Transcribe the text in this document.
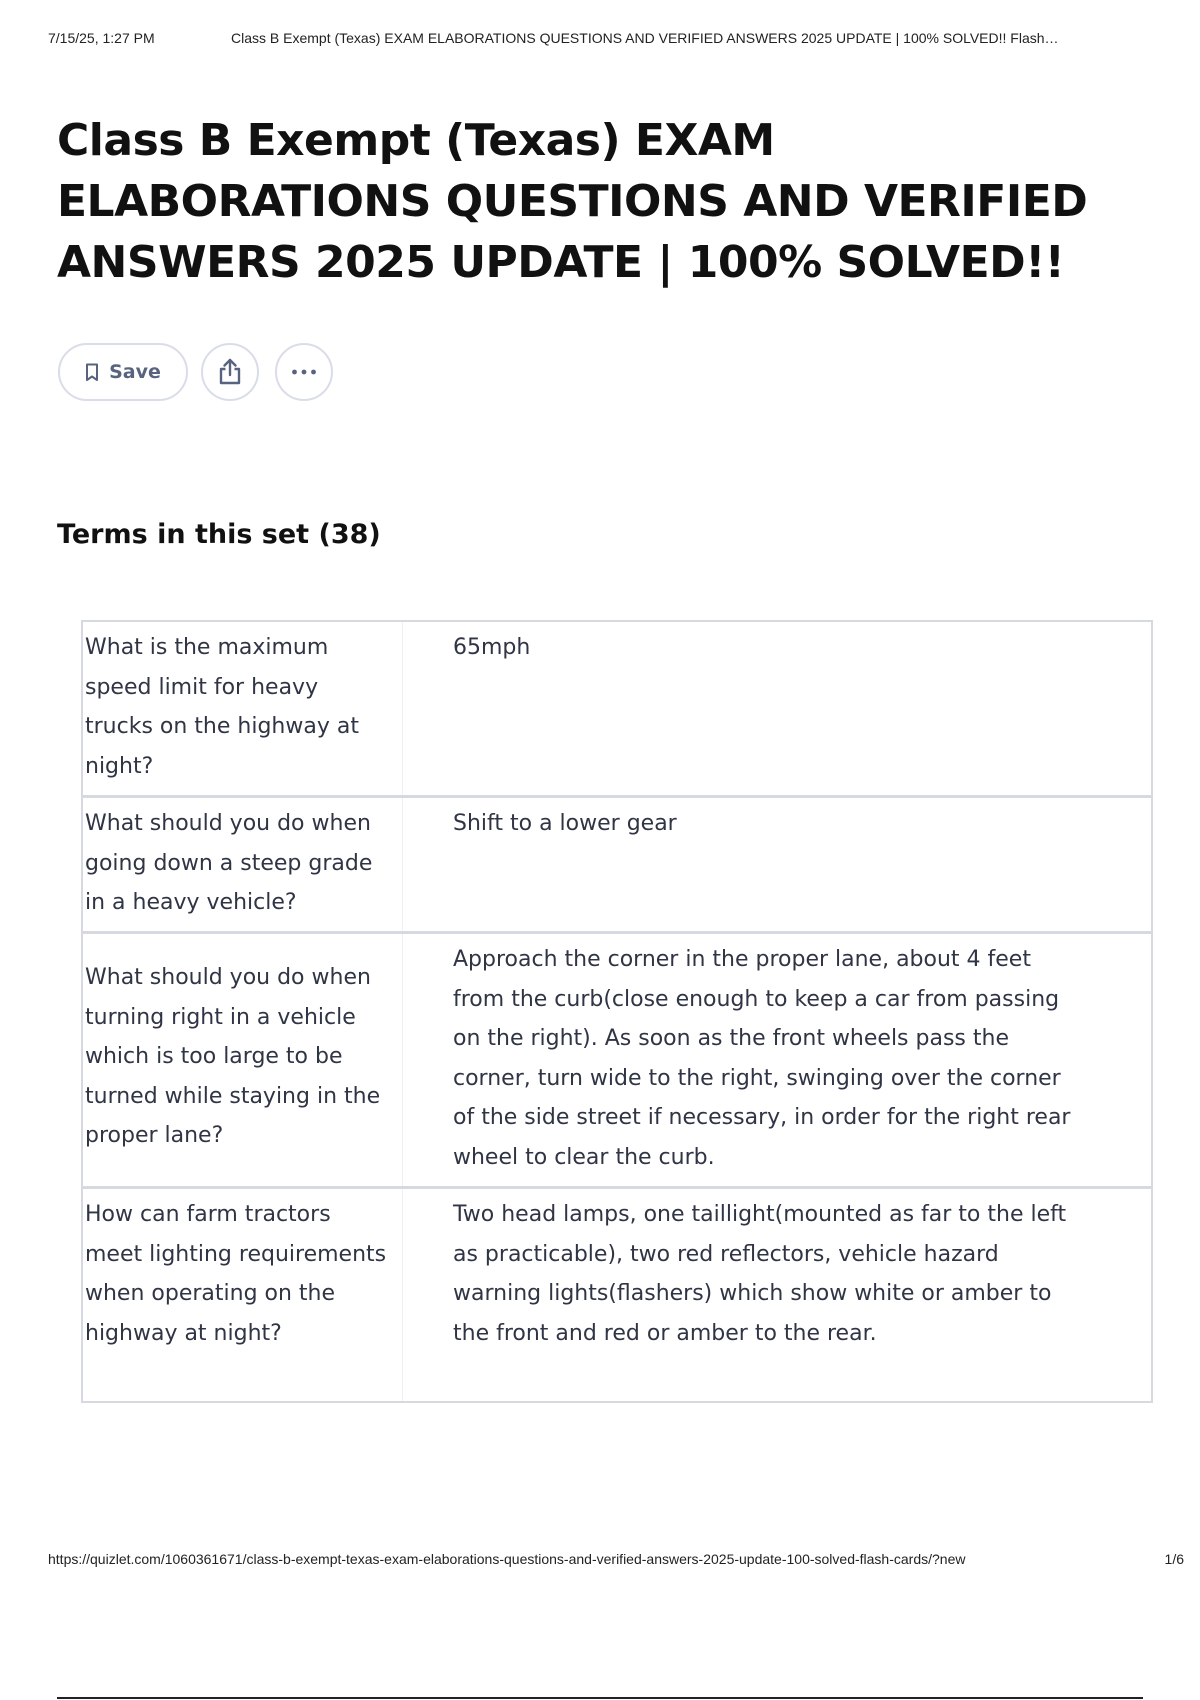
7/15/25, 1:27 PM	Class B Exempt (Texas) EXAM ELABORATIONS QUESTIONS AND VERIFIED ANSWERS 2025 UPDATE | 100% SOLVED!! Flash…
Class B Exempt (Texas) EXAM ELABORATIONS QUESTIONS AND VERIFIED ANSWERS 2025 UPDATE | 100% SOLVED!!
Save
Terms in this set (38)
What is the maximum speed limit for heavy trucks on the highway at night?
65mph
What should you do when going down a steep grade in a heavy vehicle?
Shift to a lower gear
What should you do when turning right in a vehicle which is too large to be turned while staying in the proper lane?
Approach the corner in the proper lane, about 4 feet from the curb(close enough to keep a car from passing on the right). As soon as the front wheels pass the corner, turn wide to the right, swinging over the corner of the side street if necessary, in order for the right rear wheel to clear the curb.
How can farm tractors meet lighting requirements when operating on the highway at night?
Two head lamps, one taillight(mounted as far to the left as practicable), two red reflectors, vehicle hazard warning lights(flashers) which show white or amber to the front and red or amber to the rear.
https://quizlet.com/1060361671/class-b-exempt-texas-exam-elaborations-questions-and-verified-answers-2025-update-100-solved-flash-cards/?new	1/6
